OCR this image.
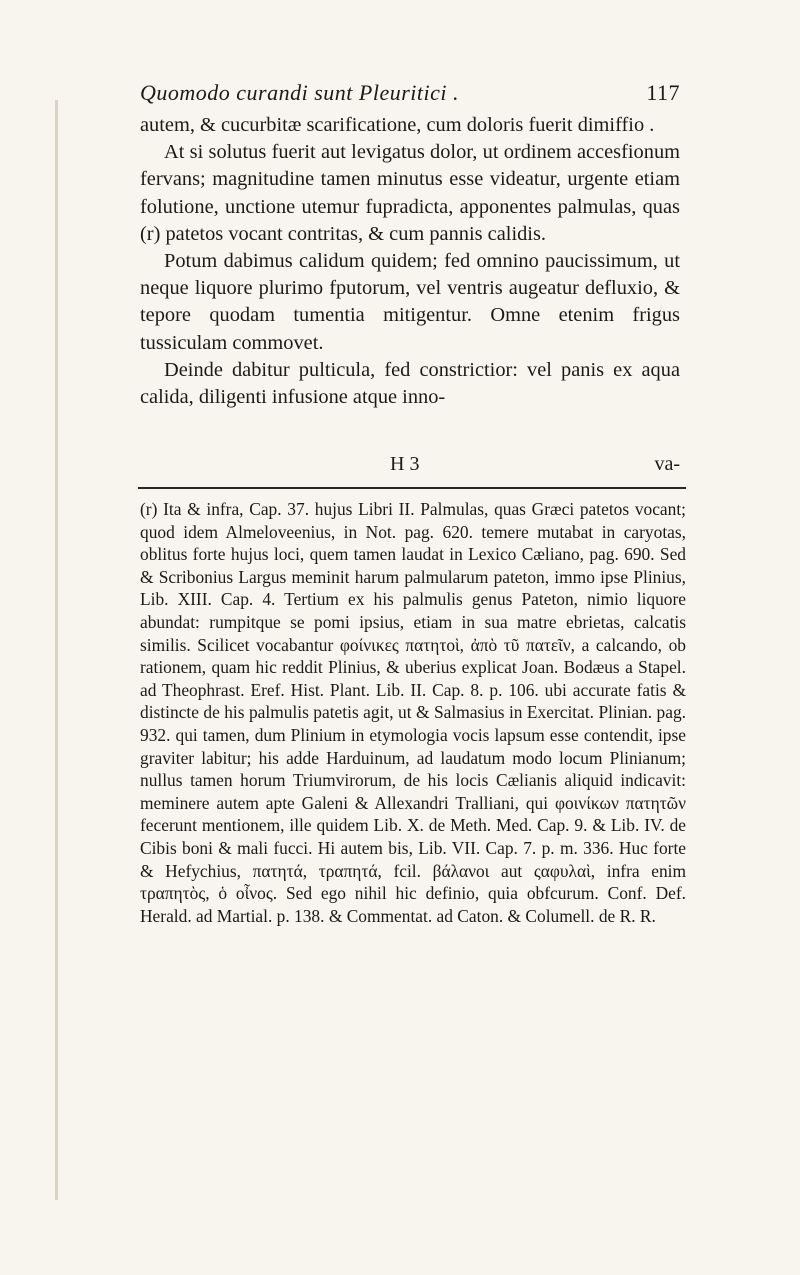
Quomodo curandi sunt Pleuritici .	117

autem, & cucurbitæ scarificatione, cum doloris fuerit dimiffio .

At si solutus fuerit aut levigatus dolor, ut ordinem accesfionum fervans; magnitudine tamen minutus esse videatur, urgente etiam folutione, unctione utemur fupradicta, apponentes palmulas, quas (r) patetos vocant contritas, & cum pannis calidis.

Potum dabimus calidum quidem; fed omnino paucissimum, ut neque liquore plurimo fputorum, vel ventris augeatur defluxio, & tepore quodam tumentia mitigentur. Omne etenim frigus tussiculam commovet.

Deinde dabitur pulticula, fed constrictior: vel panis ex aqua calida, diligenti infusione atque inno-

H 3	va-

(r) Ita & infra, Cap. 37. hujus Libri II. Palmulas, quas Græci patetos vocant; quod idem Almeloveenius, in Not. pag. 620. temere mutabat in caryotas, oblitus forte hujus loci, quem tamen laudat in Lexico Cæliano, pag. 690. Sed & Scribonius Largus meminit harum palmularum pateton, immo ipse Plinius, Lib. XIII. Cap. 4. Tertium ex his palmulis genus Pateton, nimio liquore abundat: rumpitque se pomi ipsius, etiam in sua matre ebrietas, calcatis similis. Scilicet vocabantur φοίνικες πατητοὶ, ἀπὸ τῦ πατεῖν, a calcando, ob rationem, quam hic reddit Plinius, & uberius explicat Joan. Bodæus a Stapel. ad Theophrast. Eref. Hist. Plant. Lib. II. Cap. 8. p. 106. ubi accurate fatis & distincte de his palmulis patetis agit, ut & Salmasius in Exercitat. Plinian. pag. 932. qui tamen, dum Plinium in etymologia vocis lapsum esse contendit, ipse graviter labitur; his adde Harduinum, ad laudatum modo locum Plinianum; nullus tamen horum Triumvirorum, de his locis Cælianis aliquid indicavit: meminere autem apte Galeni & Allexandri Tralliani, qui φοινίκων πατητῶν fecerunt mentionem, ille quidem Lib. X. de Meth. Med. Cap. 9. & Lib. IV. de Cibis boni & mali fucci. Hi autem bis, Lib. VII. Cap. 7. p. m. 336. Huc forte & Hefychius, πατητά, τραπητά, fcil. βάλανοι aut ςαφυλαὶ, infra enim τραπητὸς, ὁ οἶνος. Sed ego nihil hic definio, quia obfcurum. Conf. Def. Herald. ad Martial. p. 138. & Commentat. ad Caton. & Columell. de R. R.
